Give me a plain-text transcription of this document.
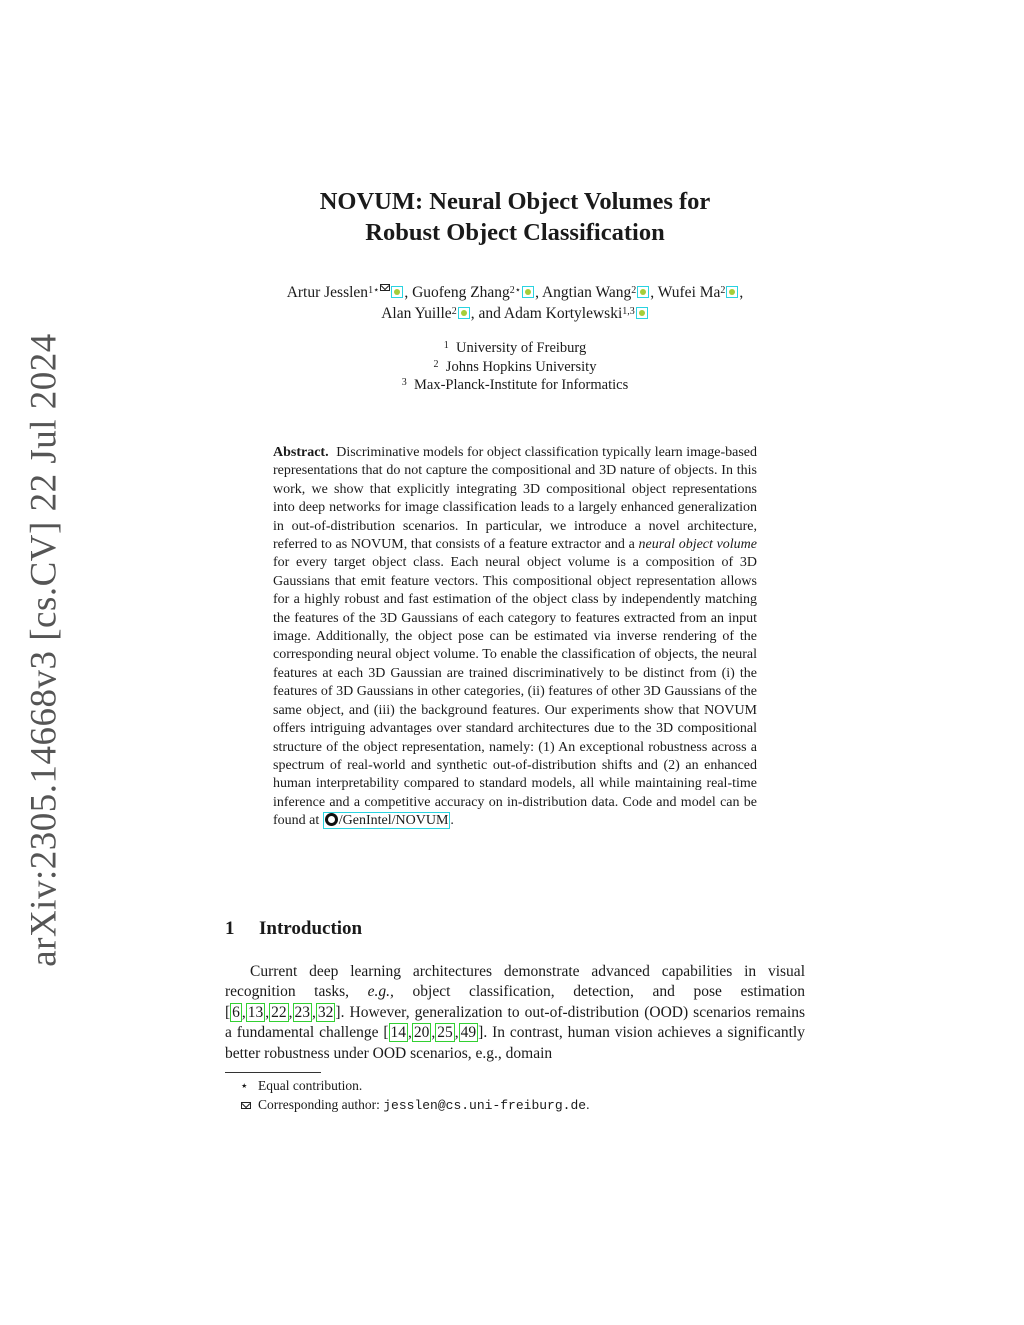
arXiv:2305.14668v3 [cs.CV] 22 Jul 2024
NOVUM: Neural Object Volumes for
Robust Object Classification
Artur Jesslen$^{1⋆}$ , Guofeng Zhang$^{2⋆}$ , Angtian Wang$^2$ , Wufei Ma$^2$ ,
Alan Yuille$^2$ , and Adam Kortylewski$^{1,3}$
$^1$ University of Freiburg
$^2$ Johns Hopkins University
$^3$ Max-Planck-Institute for Informatics
Abstract. Discriminative models for object classification typically learn image-based representations that do not capture the compositional and 3D nature of objects. In this work, we show that explicitly integrating 3D compositional object representations into deep networks for image classification leads to a largely enhanced generalization in out-of-distribution scenarios. In particular, we introduce a novel architecture, referred to as NOVUM, that consists of a feature extractor and a neural object volume for every target object class. Each neural object volume is a composition of 3D Gaussians that emit feature vectors. This compositional object representation allows for a highly robust and fast estimation of the object class by independently matching the features of the 3D Gaussians of each category to features extracted from an input image. Additionally, the object pose can be estimated via inverse rendering of the corresponding neural object volume. To enable the classification of objects, the neural features at each 3D Gaussian are trained discriminatively to be distinct from (i) the features of 3D Gaussians in other categories, (ii) features of other 3D Gaussians of the same object, and (iii) the background features. Our experiments show that NOVUM offers intriguing advantages over standard architectures due to the 3D compositional structure of the object representation, namely: (1) An exceptional robustness across a spectrum of real-world and synthetic out-of-distribution shifts and (2) an enhanced human interpretability compared to standard models, all while maintaining real-time inference and a competitive accuracy on in-distribution data. Code and model can be found at /GenIntel/NOVUM .
1 Introduction
Current deep learning architectures demonstrate advanced capabilities in visual recognition tasks, e.g., object classification, detection, and pose estimation [ 6 , 13 , 22 , 23 , 32 ]. However, generalization to out-of-distribution (OOD) scenarios remains a fundamental challenge [ 14 , 20 , 25 , 49 ]. In contrast, human vision achieves a significantly better robustness under OOD scenarios, e.g., domain
⋆ Equal contribution.
Corresponding author: jesslen@cs.uni-freiburg.de.
